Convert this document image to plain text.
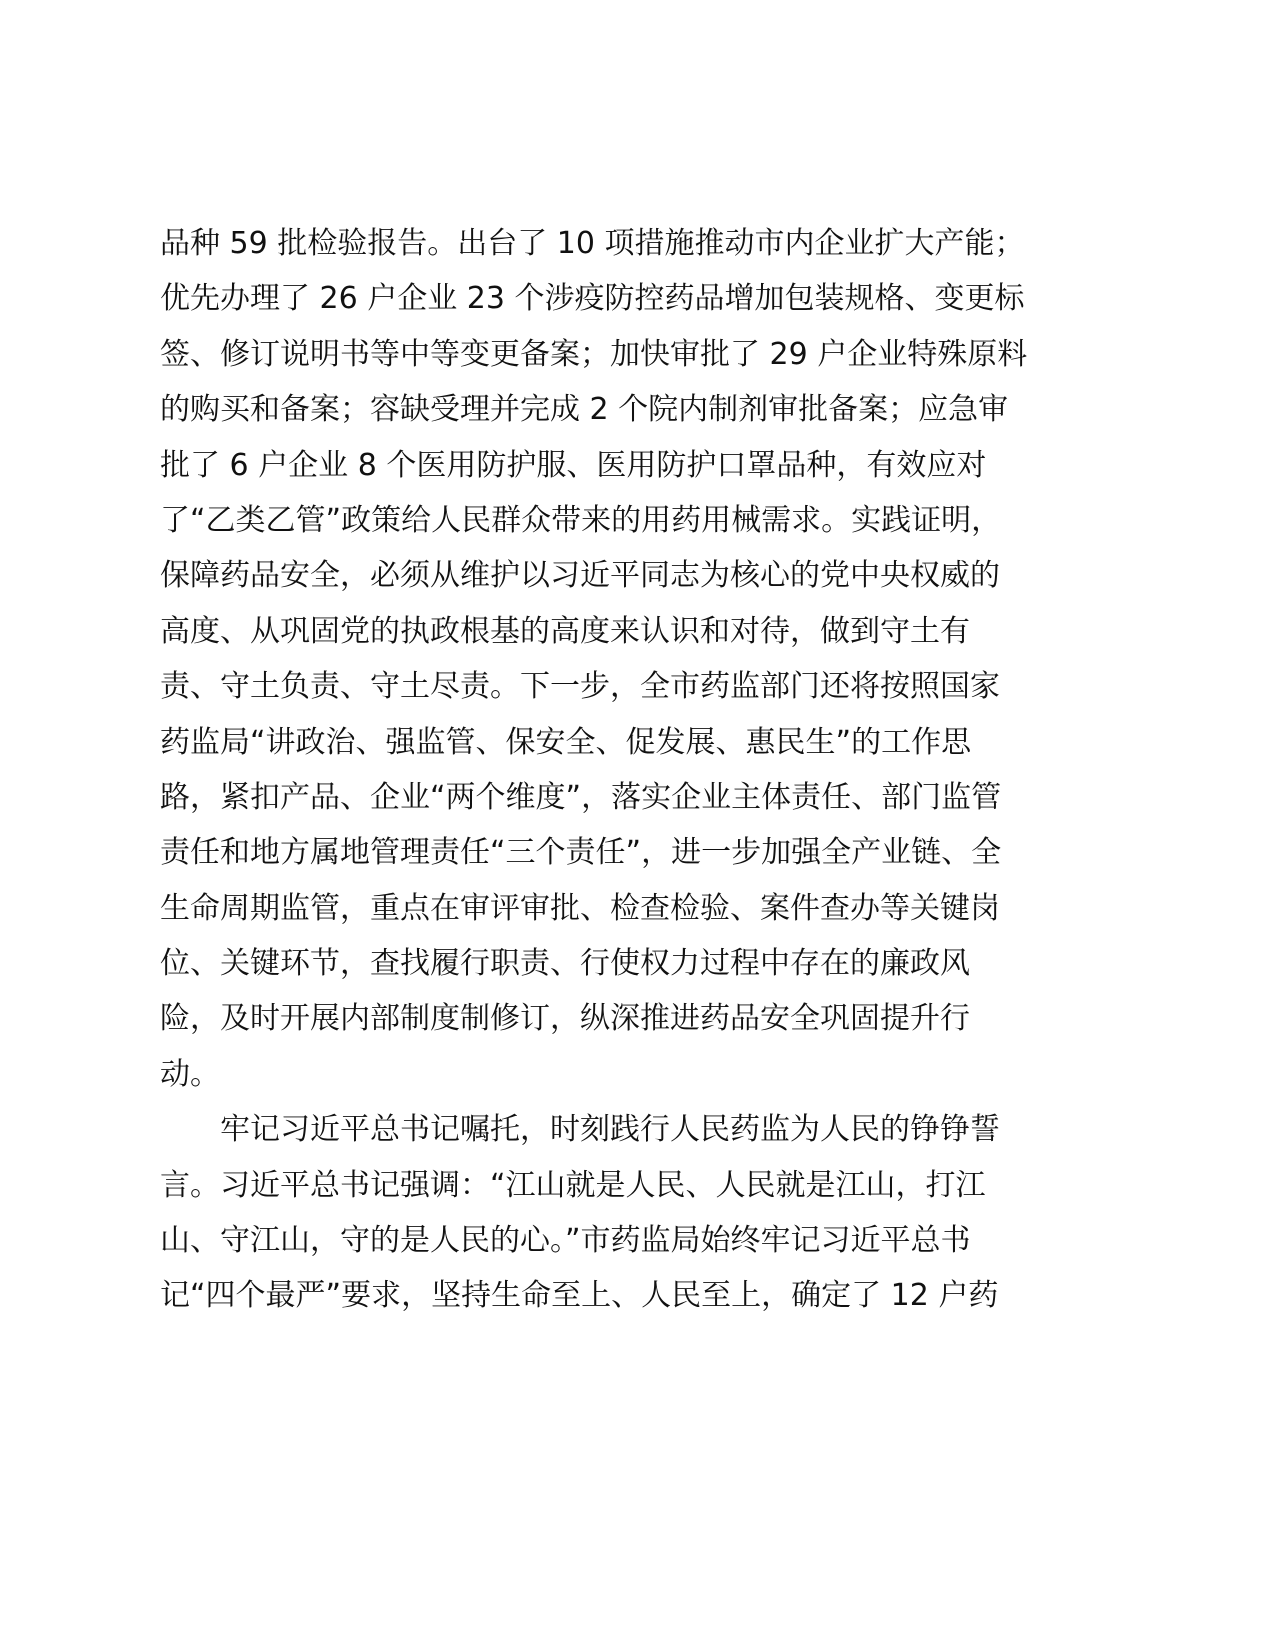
品种 59 批检验报告。出台了 10 项措施推动市内企业扩大产能；
优先办理了 26 户企业 23 个涉疫防控药品增加包装规格、变更标
签、修订说明书等中等变更备案；加快审批了 29 户企业特殊原料
的购买和备案；容缺受理并完成 2 个院内制剂审批备案；应急审
批了 6 户企业 8 个医用防护服、医用防护口罩品种，有效应对
了“乙类乙管”政策给人民群众带来的用药用械需求。实践证明，
保障药品安全，必须从维护以习近平同志为核心的党中央权威的
高度、从巩固党的执政根基的高度来认识和对待，做到守土有
责、守土负责、守土尽责。下一步，全市药监部门还将按照国家
药监局“讲政治、强监管、保安全、促发展、惠民生”的工作思
路，紧扣产品、企业“两个维度”，落实企业主体责任、部门监管
责任和地方属地管理责任“三个责任”，进一步加强全产业链、全
生命周期监管，重点在审评审批、检查检验、案件查办等关键岗
位、关键环节，查找履行职责、行使权力过程中存在的廉政风
险，及时开展内部制度制修订，纵深推进药品安全巩固提升行
动。
　　牢记习近平总书记嘱托，时刻践行人民药监为人民的铮铮誓
言。习近平总书记强调：“江山就是人民、人民就是江山，打江
山、守江山，守的是人民的心。”市药监局始终牢记习近平总书
记“四个最严”要求，坚持生命至上、人民至上，确定了 12 户药
